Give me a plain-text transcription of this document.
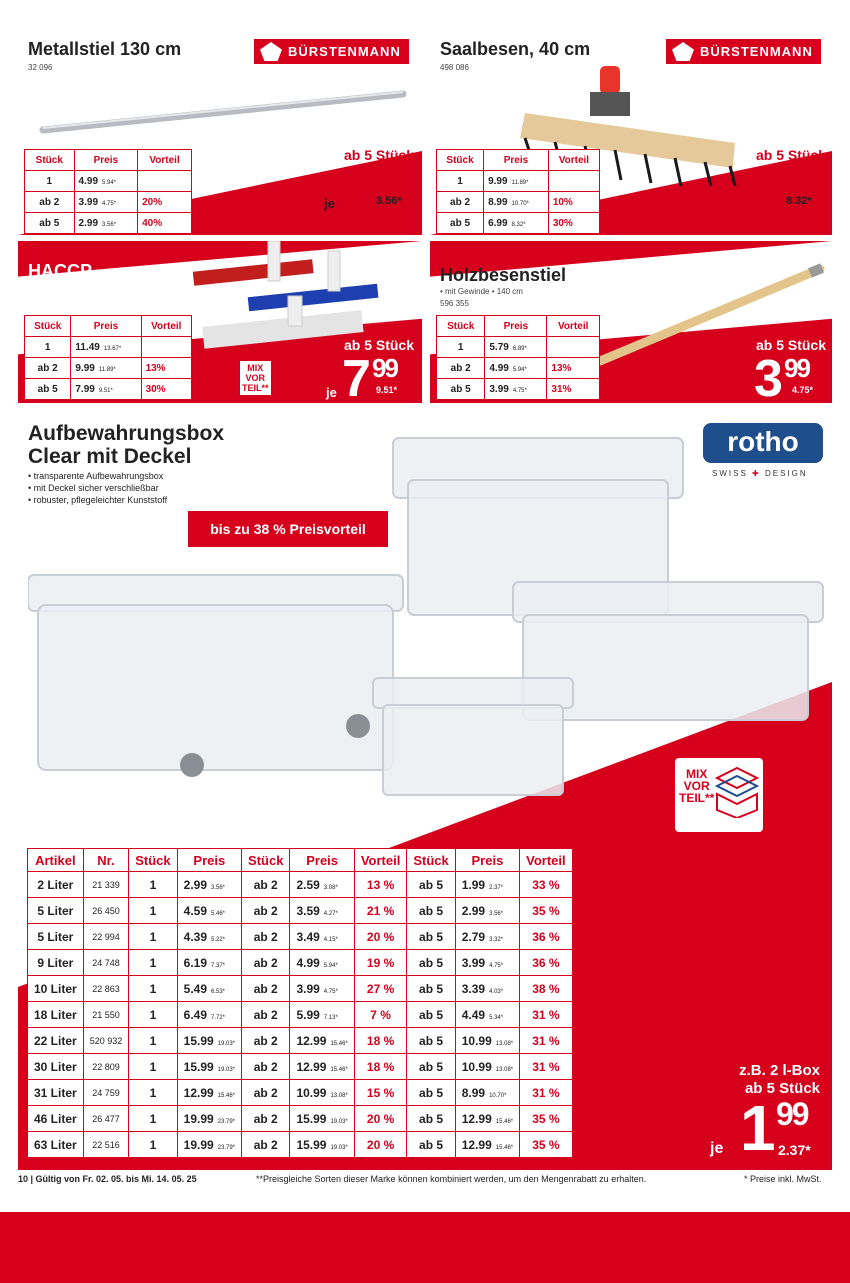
Metallstiel 130 cm
32 096
BÜRSTENMANN
Stück	Preis	Vorteil
1	4.99 5.94*	
ab 2	3.99 4.75*	20%
ab 5	2.99 3.56*	40%
ab 5 Stück
je 2 99
3.56*
Saalbesen, 40 cm
498 086
BÜRSTENMANN
Stück	Preis	Vorteil
1	9.99 11.89*	
ab 2	8.99 10.70*	10%
ab 5	6.99 8.32*	30%
ab 5 Stück
6 99
8.32*
HACCP
Wasserschieber
468 616 ff
Stück	Preis	Vorteil
1	11.49 13.67*	
ab 2	9.99 11.89*	13%
ab 5	7.99 9.51*	30%
MIX
VOR
TEIL**
ab 5 Stück
je 7 99
9.51*
Holzbesenstiel
• mit Gewinde • 140 cm
596 355
Stück	Preis	Vorteil
1	5.79 6.89*	
ab 2	4.99 5.94*	13%
ab 5	3.99 4.75*	31%
ab 5 Stück
3 99
4.75*
Aufbewahrungsbox
Clear mit Deckel
• transparente Aufbewahrungsbox
• mit Deckel sicher verschließbar
• robuster, pflegeleichter Kunststoff
bis zu 38 % Preisvorteil
rotho
SWISS ✚ DESIGN
MIX
VOR
TEIL**
Artikel	Nr.	Stück	Preis	Stück	Preis	Vorteil	Stück	Preis	Vorteil
2 Liter	21 339	1	2.99 3.56*	ab 2	2.59 3.08*	13 %	ab 5	1.99 2.37*	33 %
5 Liter	26 450	1	4.59 5.46*	ab 2	3.59 4.27*	21 %	ab 5	2.99 3.56*	35 %
5 Liter	22 994	1	4.39 5.22*	ab 2	3.49 4.15*	20 %	ab 5	2.79 3.32*	36 %
9 Liter	24 748	1	6.19 7.37*	ab 2	4.99 5.94*	19 %	ab 5	3.99 4.75*	36 %
10 Liter	22 863	1	5.49 6.53*	ab 2	3.99 4.75*	27 %	ab 5	3.39 4.03*	38 %
18 Liter	21 550	1	6.49 7.72*	ab 2	5.99 7.13*	7 %	ab 5	4.49 5.34*	31 %
22 Liter	520 932	1	15.99 19.03*	ab 2	12.99 15.46*	18 %	ab 5	10.99 13.08*	31 %
30 Liter	22 809	1	15.99 19.03*	ab 2	12.99 15.46*	18 %	ab 5	10.99 13.08*	31 %
31 Liter	24 759	1	12.99 15.46*	ab 2	10.99 13.08*	15 %	ab 5	8.99 10.70*	31 %
46 Liter	26 477	1	19.99 23.79*	ab 2	15.99 19.03*	20 %	ab 5	12.99 15.46*	35 %
63 Liter	22 516	1	19.99 23.79*	ab 2	15.99 19.03*	20 %	ab 5	12.99 15.46*	35 %
z.B. 2 l-Box
ab 5 Stück
je 1 99
2.37*
10 | Gültig von Fr. 02. 05. bis Mi. 14. 05. 25	**Preisgleiche Sorten dieser Marke können kombiniert werden, um den Mengenrabatt zu erhalten.	* Preise inkl. MwSt.
